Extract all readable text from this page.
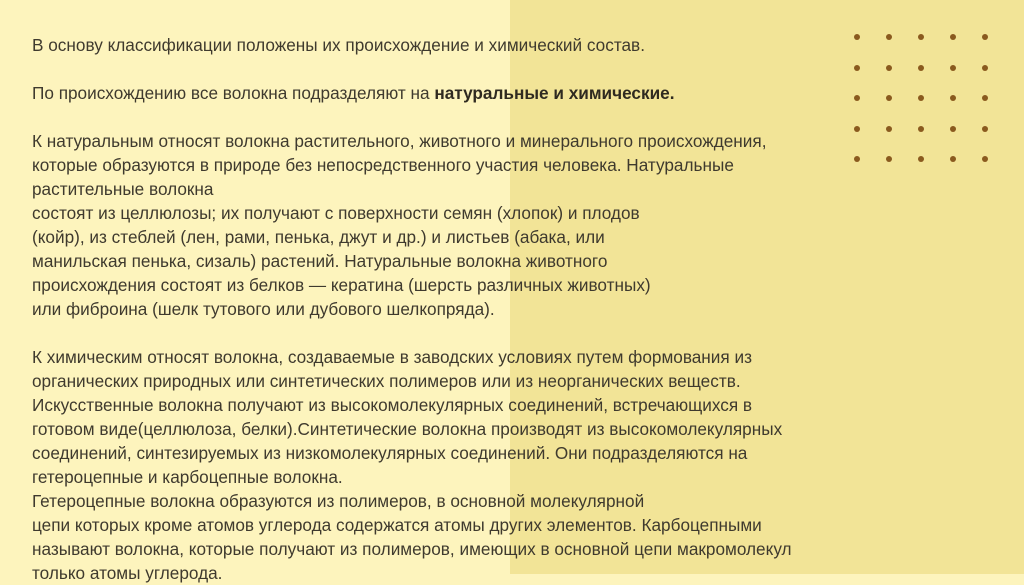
В основу классификации положены их происхождение и химический состав.

По происхождению все волокна подразделяют на натуральные и химические.

К натуральным относят волокна растительного, животного и минерального происхождения,

которые образуются в природе без непосредственного участия человека. Натуральные

растительные волокна

состоят из целлюлозы; их получают с поверхности семян (хлопок) и плодов

(койр), из стеблей (лен, рами, пенька, джут и др.) и листьев (абака, или

манильская пенька, сизаль) растений. Натуральные волокна животного

происхождения состоят из белков — кератина (шерсть различных животных)

или фиброина (шелк тутового или дубового шелкопряда).

К химическим относят волокна, создаваемые в заводских условиях путем формования из

органических природных или синтетических полимеров или из неорганических веществ.

Искусственные волокна получают из высокомолекулярных соединений, встречающихся в

готовом виде(целлюлоза, белки).Синтетические волокна производят из высокомолекулярных

соединений, синтезируемых из низкомолекулярных соединений. Они подразделяются на

гетероцепные и карбоцепные волокна.

Гетероцепные волокна образуются из полимеров, в основной молекулярной

цепи которых кроме атомов углерода содержатся атомы других элементов. Карбоцепными

называют волокна, которые получают из полимеров, имеющих в основной цепи макромолекул

только атомы углерода.
